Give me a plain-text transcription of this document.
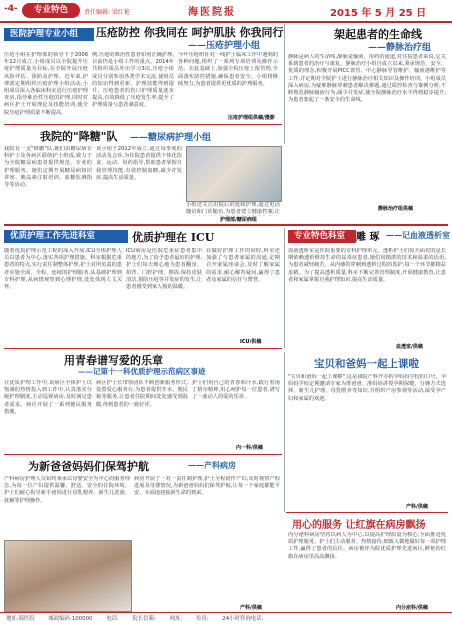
-4-	专业特色	责任编辑: 梁红艳	海医院报	2015 年 5 月 25 日
医院护理专业小组	压疮防控 你我同在 呵护肌肤 你我同行
——压疮护理小组
压疮小组在护理部的领导下于2006年12月成立,小组成员以全院提升压疮护理质量为目标,在全院开展压疮风险评估、预防及护理。近年来,护理部定期组织压疮护理小组活动,小组成员深入各临床科室进行压疮护理查房,指导难治性压疮的护理,同时对病区护士开展理论及技能培训,使全院压疮护理质量不断提高。
例,压疮的难治性患者如何正确护理,目前仍是小组工作的重点。2014年共组织成员外出学习3次,压疮小组成员分别参加各类学术交流,使组员的知识得到更新、护理技能得到提升。压疮患者的伤口护理质量逐步提高,有效降低了压疮发生率,提升了护理质量与患者满意度。
今年压疮组针对一线护士临床工作中遇到的各种问题,组织了一系列专项培训及操作示范。在此基础上,加强全院压疮上报管理,全面落实防控措施,确保患者安全。小组将继续努力,为患者提供更优质的护理服务。
压疮护理组供稿/摄影
架起患者的生命线
——静脉治疗组
静脉是病人的生命线,静脉是输液、用药的通道,对住院患者来说,它关系到患者的治疗与康复。静脉治疗小组自成立以来,秉承规范、安全、优质的理念,积极开展PICC置管、中心静脉导管维护、输液港维护等工作,并定期对全院护士进行静脉治疗相关知识及操作培训。小组成员深入病房,为疑难静脉穿刺患者解决难题,通过质控检查与案例分析,不断规范静脉输液行为,减少并发症,使全院静脉治疗水平得到稳步提升,为患者架起了一条安全的生命线。
静脉治疗组供稿
我院的"降糖"队 ——糖尿病护理小组
我院有一支"降糖"队,她们由糖尿病专科护士及各病区联络护士组成,致力于为全院糖尿病患者提供规范、专业的护理服务。她们定期开展糖尿病知识讲座、胰岛素注射培训、血糖监测指导等活动。
该小组于2012年成立,通过每季度的活动及会诊,为住院患者提供个体化饮食、运动、用药指导,帮助患者掌握自我管理技能,有效控制血糖,减少并发症,提高生活质量。
小组还关注出院后的延续护理,通过电话随访和门诊随访,为患者建立健康档案,让
护理部/糖尿病组
优质护理工作先进科室	优质护理在 ICU
随着优质护理示范工程的深入开展,ICU全体护理人员以患者为中心,落实各项护理措施。科室根据危重患者的特点,实行责任制整体护理,护士对所负责的患者实施全面、全程、连续的护理服务,从基础护理到专科护理,从病情观察到心理护理,处处体现人文关怀。
ICU病房是医院危重症患者集中的地方,为了给予患者最好的护理,护士们每天细心地为患者翻身、拍背、口腔护理、擦浴,保持皮肤清洁,预防压疮等并发症的发生,让患者感受到家人般的温暖。
在做好护理工作的同时,科室还加强了与患者家属的沟通,定期召开家属座谈会,及时了解家属的需求,耐心解答疑问,赢得了患者及家属的信任与赞誉。
ICU/供稿
专业特色科室	雕 琢 ——记血液透析室
血液透析室是医院重要的专科护理单元。透析护士们每天面对的是长期依赖透析维持生命的尿毒症患者,她们用精湛的技术和温柔的话语,为患者减轻痛苦。从内瘘的穿刺到透析过程的监护,每一个环节都精益求精。为了提高透析质量,科室不断完善管理制度,开展健康教育,让患者和家属掌握自我护理知识,提高生活质量。
血透室/供稿
用青春谱写爱的乐章
——记第十一科优质护理示范病区事迹
在优质护理工作中,该病区全体护士以饱满的热情投入到工作中,认真落实分级护理制度,主动巡视病房,及时满足患者需求。病区开展了一系列便民服务措施。
病区护士长带领团队不断创新服务形式,设置爱心服务台,为患者提供开水、便民箱等服务,让患者住院期间处处感受到温暖,得到患者的一致好评。
护士们用自己的青春和汗水,践行着南丁格尔精神,用心呵护每一位患者,谱写了一曲动人的爱的乐章。
内一科/供稿
宝贝和爸妈一起上课啦
"宝贝和爸妈一起上课啦",这是我院产科开办的孕妈妈学校的口号。孕妈妈学校定期邀请专家为准爸爸、准妈妈讲授孕期保健、分娩方式选择、新生儿护理、母乳喂养等知识,并组织产房参观等活动,深受孕产妇和家属的欢迎。
产科/供稿
为新爸爸妈妈们保驾护航	——产科病房
产科病房护理人员始终秉承以母婴安全为中心的服务理念,为每一位产妇提供温馨、舒适、安全的住院环境。护士们耐心指导新手爸妈进行母乳喂养、新生儿洗澡、抚触等护理操作。
病房开展了一对一责任制护理,护士全程陪伴产妇,及时观察产程进展及母婴情况,为新爸爸妈妈们保驾护航,让每一个家庭都能平安、幸福地迎接新生命的到来。
产科/供稿
用心的服务 让红旗在病房飘扬
内分泌科病房坚持以病人为中心,以提高护理质量为核心,全面推进优质护理服务。护士们主动服务、热情接待,细致入微地做好每一项护理工作,赢得了患者的信任。病房被评为院优质护理先进病区,鲜艳的红旗在病房里高高飘扬。
内分泌科/供稿
地址:海医院	邮政编码:100000	电话:	院长信箱:	网址:	传真:	24小时咨询电话:
